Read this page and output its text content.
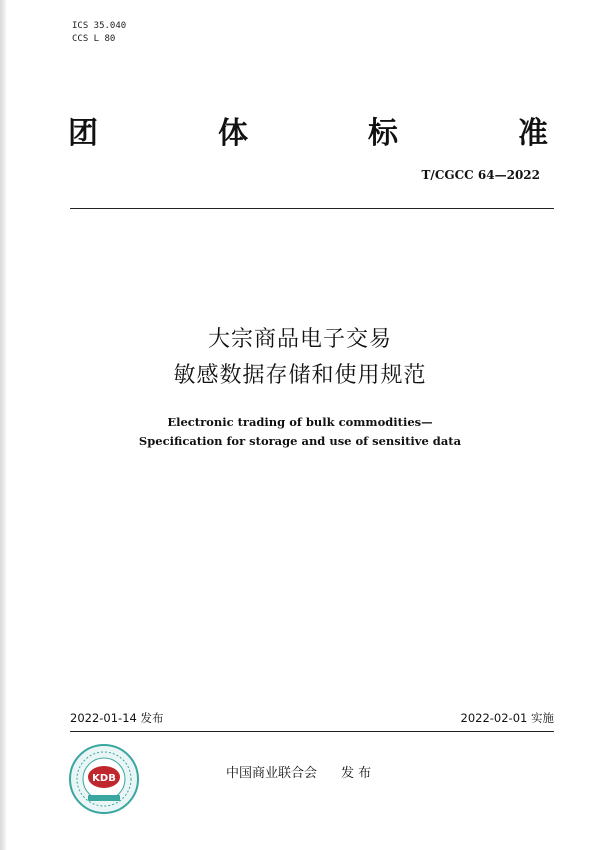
ICS 35.040
CCS L 80
团	体	标	准
T/CGCC 64—2022
大宗商品电子交易
敏感数据存储和使用规范
Electronic trading of bulk commodities—
Specification for storage and use of sensitive data
2022-01-14 发布	2022-02-01 实施
KDB	中国商业联合会 发 布
